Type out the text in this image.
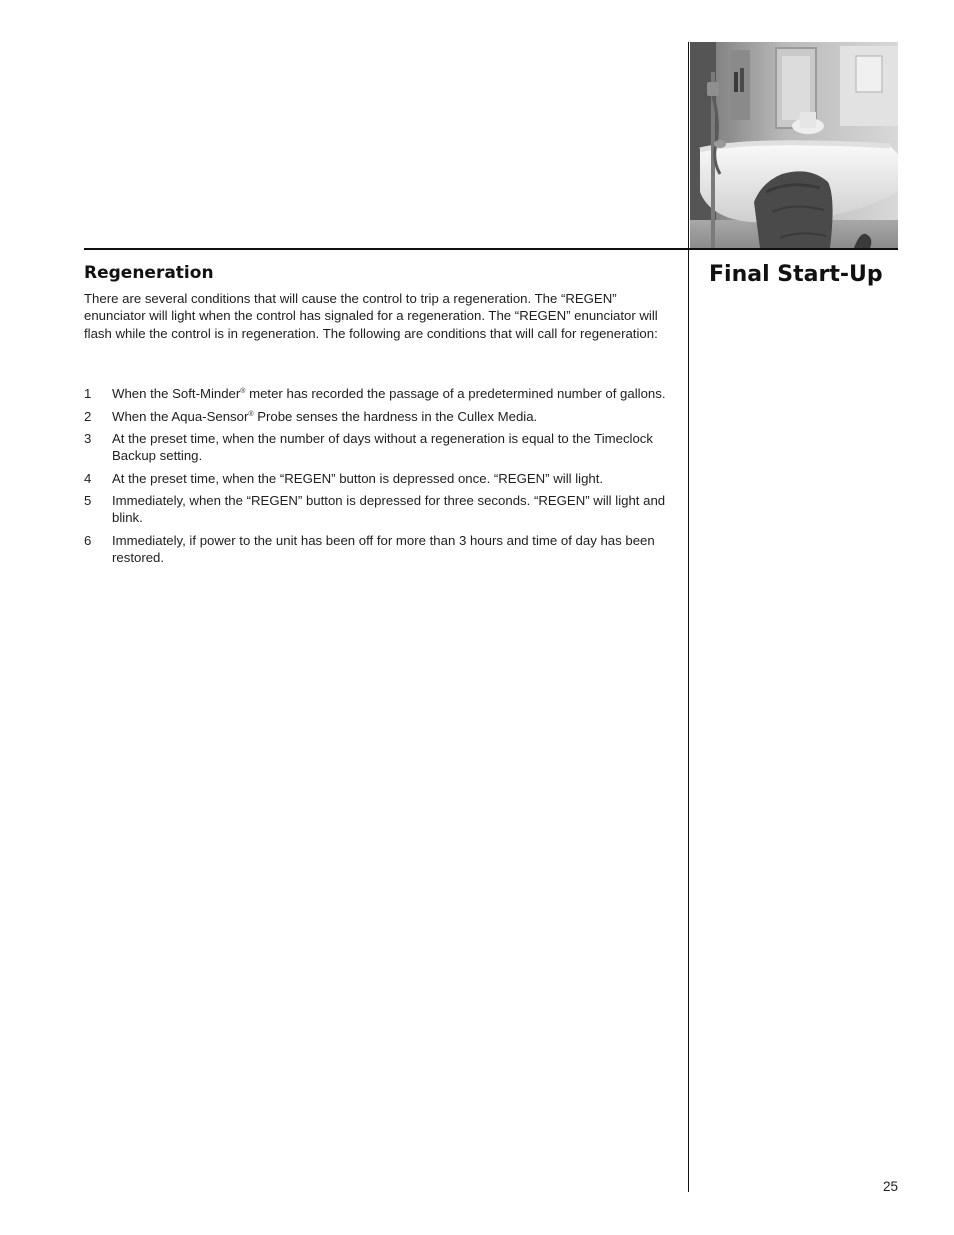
Regeneration

There are several conditions that will cause the control to trip a regeneration. The “REGEN” enunciator will light when the control has signaled for a regeneration. The “REGEN” enunciator will flash while the control is in regeneration. The following are conditions that will call for regeneration:

1 When the Soft-Minder® meter has recorded the passage of a predetermined number of gallons.
2 When the Aqua-Sensor® Probe senses the hardness in the Cullex Media.
3 At the preset time, when the number of days without a regeneration is equal to the Timeclock Backup setting.
4 At the preset time, when the “REGEN” button is depressed once. “REGEN” will light.
5 Immediately, when the “REGEN” button is depressed for three seconds. “REGEN” will light and blink.
6 Immediately, if power to the unit has been off for more than 3 hours and time of day has been restored.
Final Start-Up
25
